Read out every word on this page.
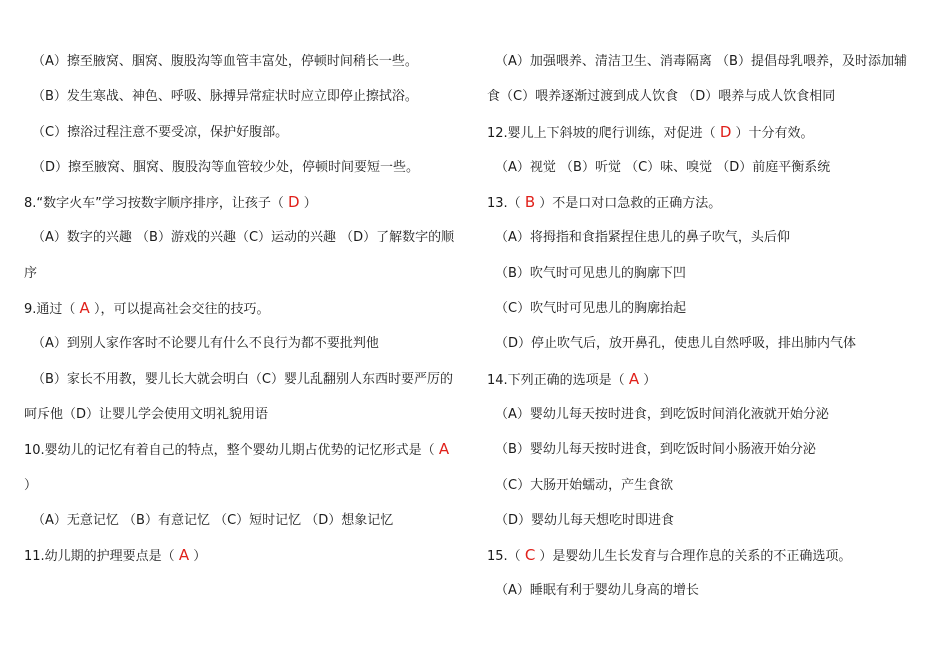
（A）擦至腋窝、腘窝、腹股沟等血管丰富处，停顿时间稍长一些。
（B）发生寒战、神色、呼吸、脉搏异常症状时应立即停止擦拭浴。
（C）擦浴过程注意不要受凉，保护好腹部。
（D）擦至腋窝、腘窝、腹股沟等血管较少处，停顿时间要短一些。
8.“数字火车”学习按数字顺序排序，让孩子（ D ）
（A）数字的兴趣 （B）游戏的兴趣（C）运动的兴趣 （D）了解数字的顺
序
9.通过（ A ），可以提高社会交往的技巧。
（A）到别人家作客时不论婴儿有什么不良行为都不要批判他
（B）家长不用教，婴儿长大就会明白（C）婴儿乱翻别人东西时要严厉的
呵斥他（D）让婴儿学会使用文明礼貌用语
10.婴幼儿的记忆有着自己的特点，整个婴幼儿期占优势的记忆形式是（ A
）
（A）无意记忆 （B）有意记忆 （C）短时记忆 （D）想象记忆
11.幼儿期的护理要点是（ A ）
（A）加强喂养、清洁卫生、消毒隔离 （B）提倡母乳喂养，及时添加辅
食（C）喂养逐渐过渡到成人饮食 （D）喂养与成人饮食相同
12.婴儿上下斜坡的爬行训练，对促进（ D ）十分有效。
（A）视觉 （B）听觉 （C）味、嗅觉 （D）前庭平衡系统
13.（ B ）不是口对口急救的正确方法。
（A）将拇指和食指紧捏住患儿的鼻子吹气，头后仰
（B）吹气时可见患儿的胸廓下凹
（C）吹气时可见患儿的胸廓抬起
（D）停止吹气后，放开鼻孔，使患儿自然呼吸，排出肺内气体
14.下列正确的选项是（ A ）
（A）婴幼儿每天按时进食，到吃饭时间消化液就开始分泌
（B）婴幼儿每天按时进食，到吃饭时间小肠液开始分泌
（C）大肠开始蠕动，产生食欲
（D）婴幼儿每天想吃时即进食
15.（ C ）是婴幼儿生长发育与合理作息的关系的不正确选项。
（A）睡眠有利于婴幼儿身高的增长
